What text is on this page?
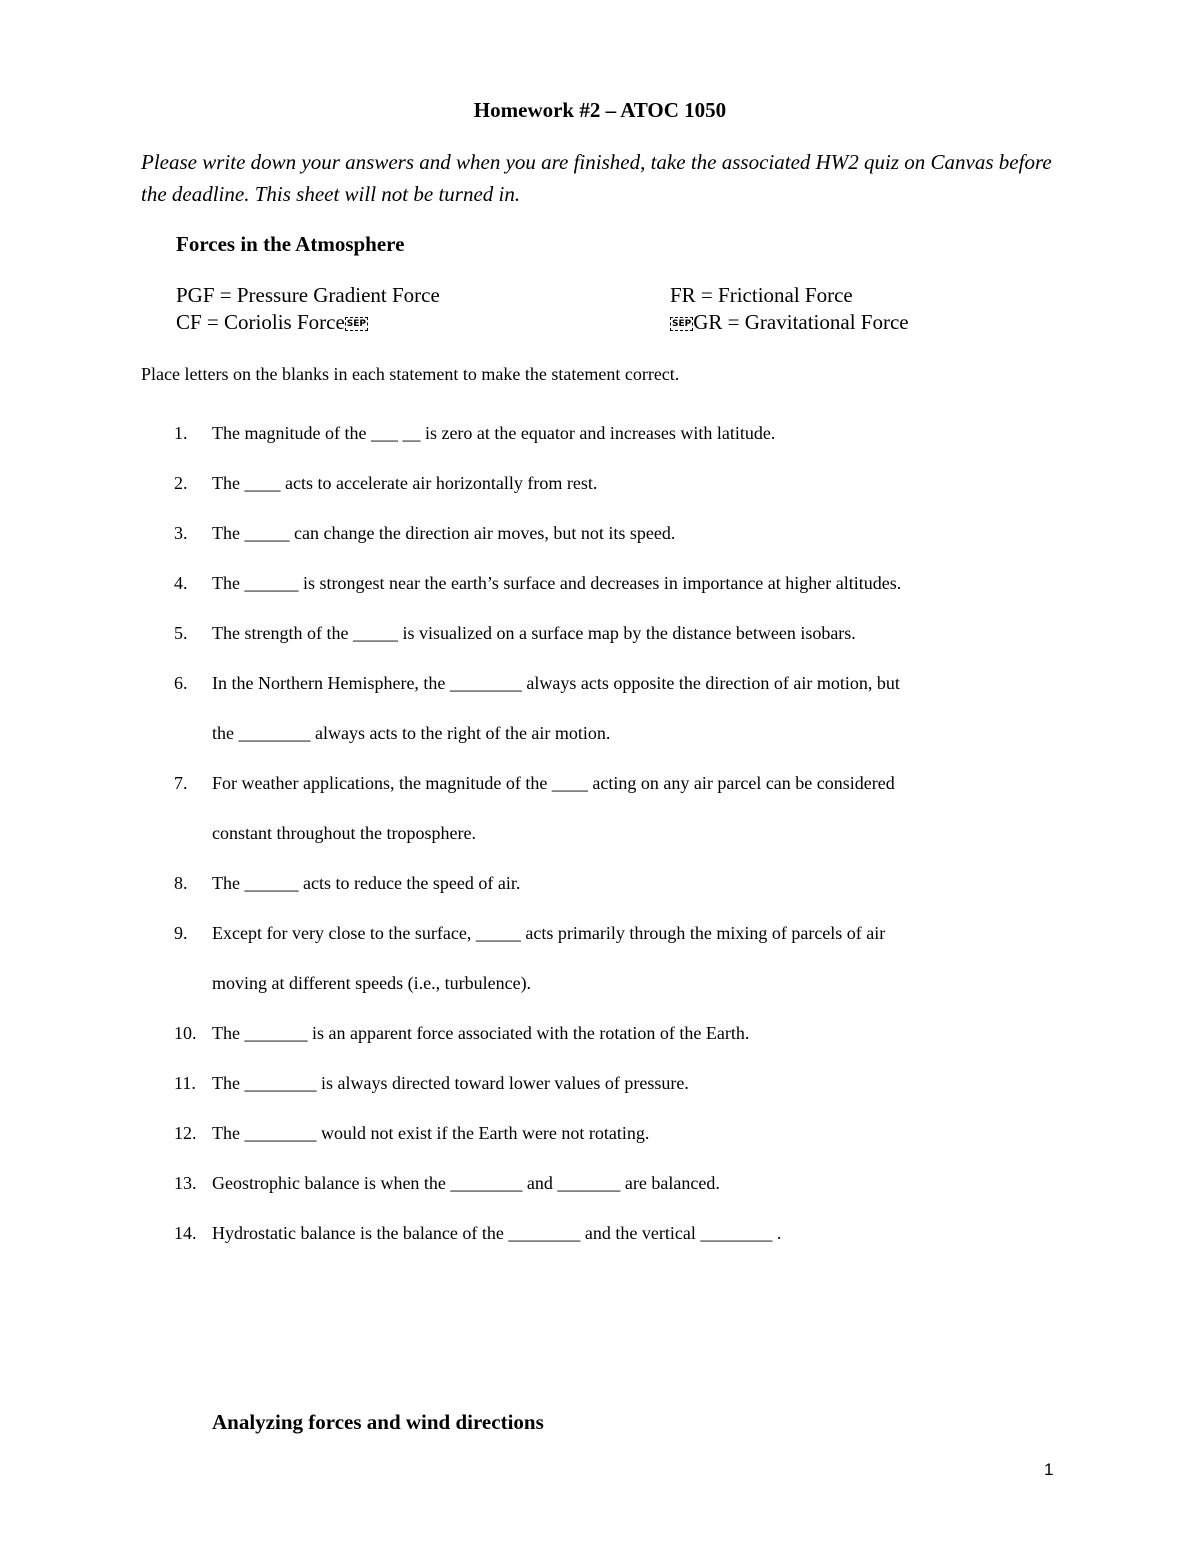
Homework #2 – ATOC 1050
Please write down your answers and when you are finished, take the associated HW2 quiz on Canvas before the deadline. This sheet will not be turned in.
Forces in the Atmosphere
PGF = Pressure Gradient Force	FR = Frictional Force
CF = Coriolis Force SEP	SEPGR = Gravitational Force
Place letters on the blanks in each statement to make the statement correct.
1. The magnitude of the ___ __ is zero at the equator and increases with latitude.
2. The ____ acts to accelerate air horizontally from rest.
3. The _____ can change the direction air moves, but not its speed.
4. The ______ is strongest near the earth’s surface and decreases in importance at higher altitudes.
5. The strength of the _____ is visualized on a surface map by the distance between isobars.
6. In the Northern Hemisphere, the ________ always acts opposite the direction of air motion, but
the ________ always acts to the right of the air motion.
7. For weather applications, the magnitude of the ____ acting on any air parcel can be considered
constant throughout the troposphere.
8. The ______ acts to reduce the speed of air.
9. Except for very close to the surface, _____ acts primarily through the mixing of parcels of air
moving at different speeds (i.e., turbulence).
10. The _______ is an apparent force associated with the rotation of the Earth.
11. The ________ is always directed toward lower values of pressure.
12. The ________ would not exist if the Earth were not rotating.
13. Geostrophic balance is when the ________ and _______ are balanced.
14. Hydrostatic balance is the balance of the ________ and the vertical ________ .
Analyzing forces and wind directions
1
